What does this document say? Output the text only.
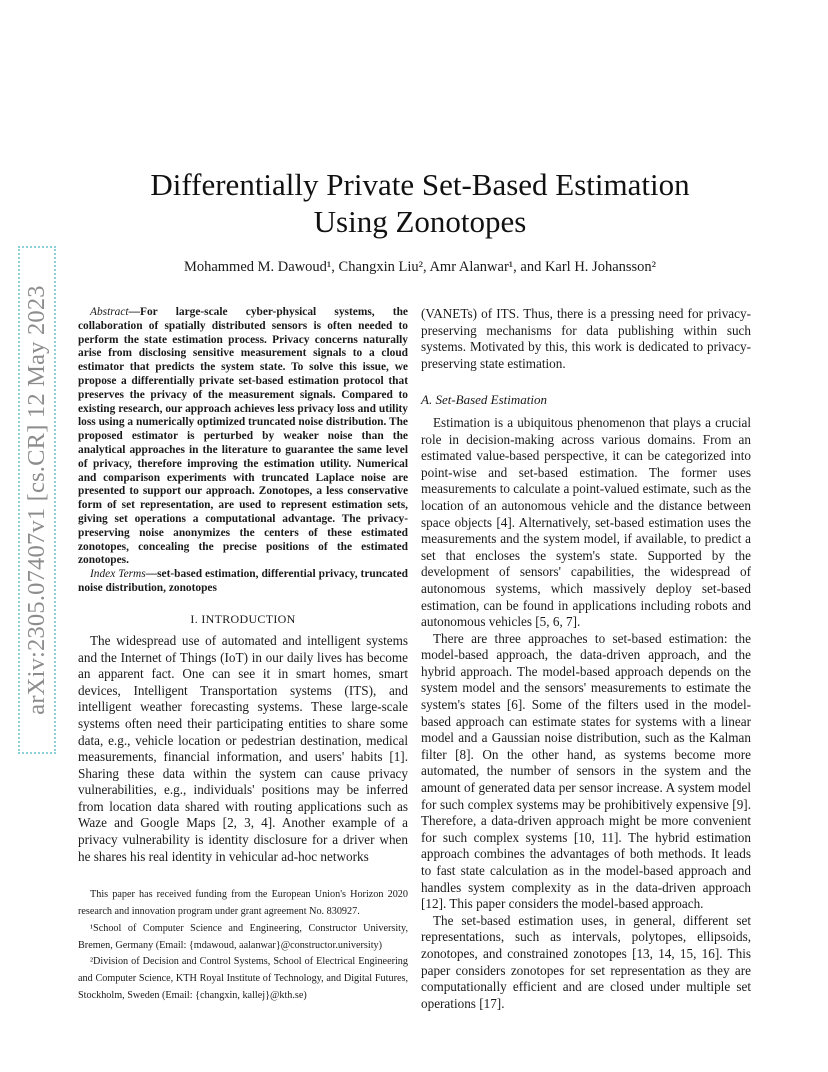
arXiv:2305.07407v1 [cs.CR] 12 May 2023
Differentially Private Set-Based Estimation
Using Zonotopes
Mohammed M. Dawoud¹, Changxin Liu², Amr Alanwar¹, and Karl H. Johansson²

Abstract—For large-scale cyber-physical systems, the collaboration of spatially distributed sensors is often needed to perform the state estimation process. Privacy concerns naturally arise from disclosing sensitive measurement signals to a cloud estimator that predicts the system state. To solve this issue, we propose a differentially private set-based estimation protocol that preserves the privacy of the measurement signals. Compared to existing research, our approach achieves less privacy loss and utility loss using a numerically optimized truncated noise distribution. The proposed estimator is perturbed by weaker noise than the analytical approaches in the literature to guarantee the same level of privacy, therefore improving the estimation utility. Numerical and comparison experiments with truncated Laplace noise are presented to support our approach. Zonotopes, a less conservative form of set representation, are used to represent estimation sets, giving set operations a computational advantage. The privacy-preserving noise anonymizes the centers of these estimated zonotopes, concealing the precise positions of the estimated zonotopes.

Index Terms—set-based estimation, differential privacy, truncated noise distribution, zonotopes

I. INTRODUCTION

The widespread use of automated and intelligent systems and the Internet of Things (IoT) in our daily lives has become an apparent fact. One can see it in smart homes, smart devices, Intelligent Transportation systems (ITS), and intelligent weather forecasting systems. These large-scale systems often need their participating entities to share some data, e.g., vehicle location or pedestrian destination, medical measurements, financial information, and users' habits [1]. Sharing these data within the system can cause privacy vulnerabilities, e.g., individuals' positions may be inferred from location data shared with routing applications such as Waze and Google Maps [2, 3, 4]. Another example of a privacy vulnerability is identity disclosure for a driver when he shares his real identity in vehicular ad-hoc networks

This paper has received funding from the European Union's Horizon 2020 research and innovation program under grant agreement No. 830927.

¹School of Computer Science and Engineering, Constructor University, Bremen, Germany (Email: {mdawoud, aalanwar}@constructor.university)

²Division of Decision and Control Systems, School of Electrical Engineering and Computer Science, KTH Royal Institute of Technology, and Digital Futures, Stockholm, Sweden (Email: {changxin, kallej}@kth.se)

(VANETs) of ITS. Thus, there is a pressing need for privacy-preserving mechanisms for data publishing within such systems. Motivated by this, this work is dedicated to privacy-preserving state estimation.

A. Set-Based Estimation

Estimation is a ubiquitous phenomenon that plays a crucial role in decision-making across various domains. From an estimated value-based perspective, it can be categorized into point-wise and set-based estimation. The former uses measurements to calculate a point-valued estimate, such as the location of an autonomous vehicle and the distance between space objects [4]. Alternatively, set-based estimation uses the measurements and the system model, if available, to predict a set that encloses the system's state. Supported by the development of sensors' capabilities, the widespread of autonomous systems, which massively deploy set-based estimation, can be found in applications including robots and autonomous vehicles [5, 6, 7].

There are three approaches to set-based estimation: the model-based approach, the data-driven approach, and the hybrid approach. The model-based approach depends on the system model and the sensors' measurements to estimate the system's states [6]. Some of the filters used in the model-based approach can estimate states for systems with a linear model and a Gaussian noise distribution, such as the Kalman filter [8]. On the other hand, as systems become more automated, the number of sensors in the system and the amount of generated data per sensor increase. A system model for such complex systems may be prohibitively expensive [9]. Therefore, a data-driven approach might be more convenient for such complex systems [10, 11]. The hybrid estimation approach combines the advantages of both methods. It leads to fast state calculation as in the model-based approach and handles system complexity as in the data-driven approach [12]. This paper considers the model-based approach.

The set-based estimation uses, in general, different set representations, such as intervals, polytopes, ellipsoids, zonotopes, and constrained zonotopes [13, 14, 15, 16]. This paper considers zonotopes for set representation as they are computationally efficient and are closed under multiple set operations [17].
